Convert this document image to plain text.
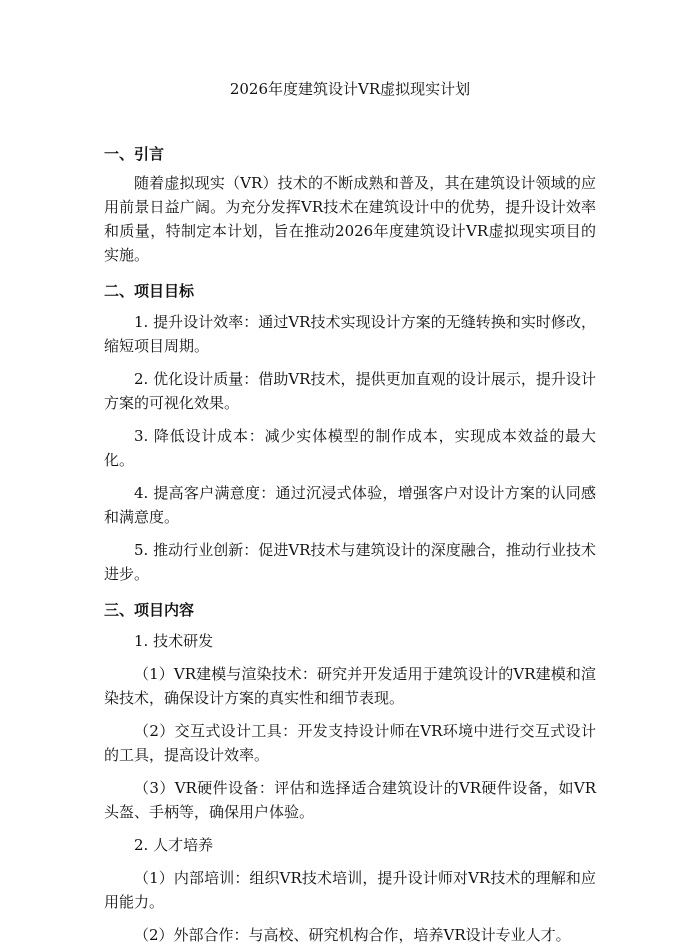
2026年度建筑设计VR虚拟现实计划
一、引言

随着虚拟现实（VR）技术的不断成熟和普及，其在建筑设计领域的应用前景日益广阔。为充分发挥VR技术在建筑设计中的优势，提升设计效率和质量，特制定本计划，旨在推动2026年度建筑设计VR虚拟现实项目的实施。

二、项目目标

1. 提升设计效率：通过VR技术实现设计方案的无缝转换和实时修改，缩短项目周期。

2. 优化设计质量：借助VR技术，提供更加直观的设计展示，提升设计方案的可视化效果。

3. 降低设计成本：减少实体模型的制作成本，实现成本效益的最大化。

4. 提高客户满意度：通过沉浸式体验，增强客户对设计方案的认同感和满意度。

5. 推动行业创新：促进VR技术与建筑设计的深度融合，推动行业技术进步。

三、项目内容

1. 技术研发

（1）VR建模与渲染技术：研究并开发适用于建筑设计的VR建模和渲染技术，确保设计方案的真实性和细节表现。

（2）交互式设计工具：开发支持设计师在VR环境中进行交互式设计的工具，提高设计效率。

（3）VR硬件设备：评估和选择适合建筑设计的VR硬件设备，如VR头盔、手柄等，确保用户体验。

2. 人才培养

（1）内部培训：组织VR技术培训，提升设计师对VR技术的理解和应用能力。

（2）外部合作：与高校、研究机构合作，培养VR设计专业人才。
